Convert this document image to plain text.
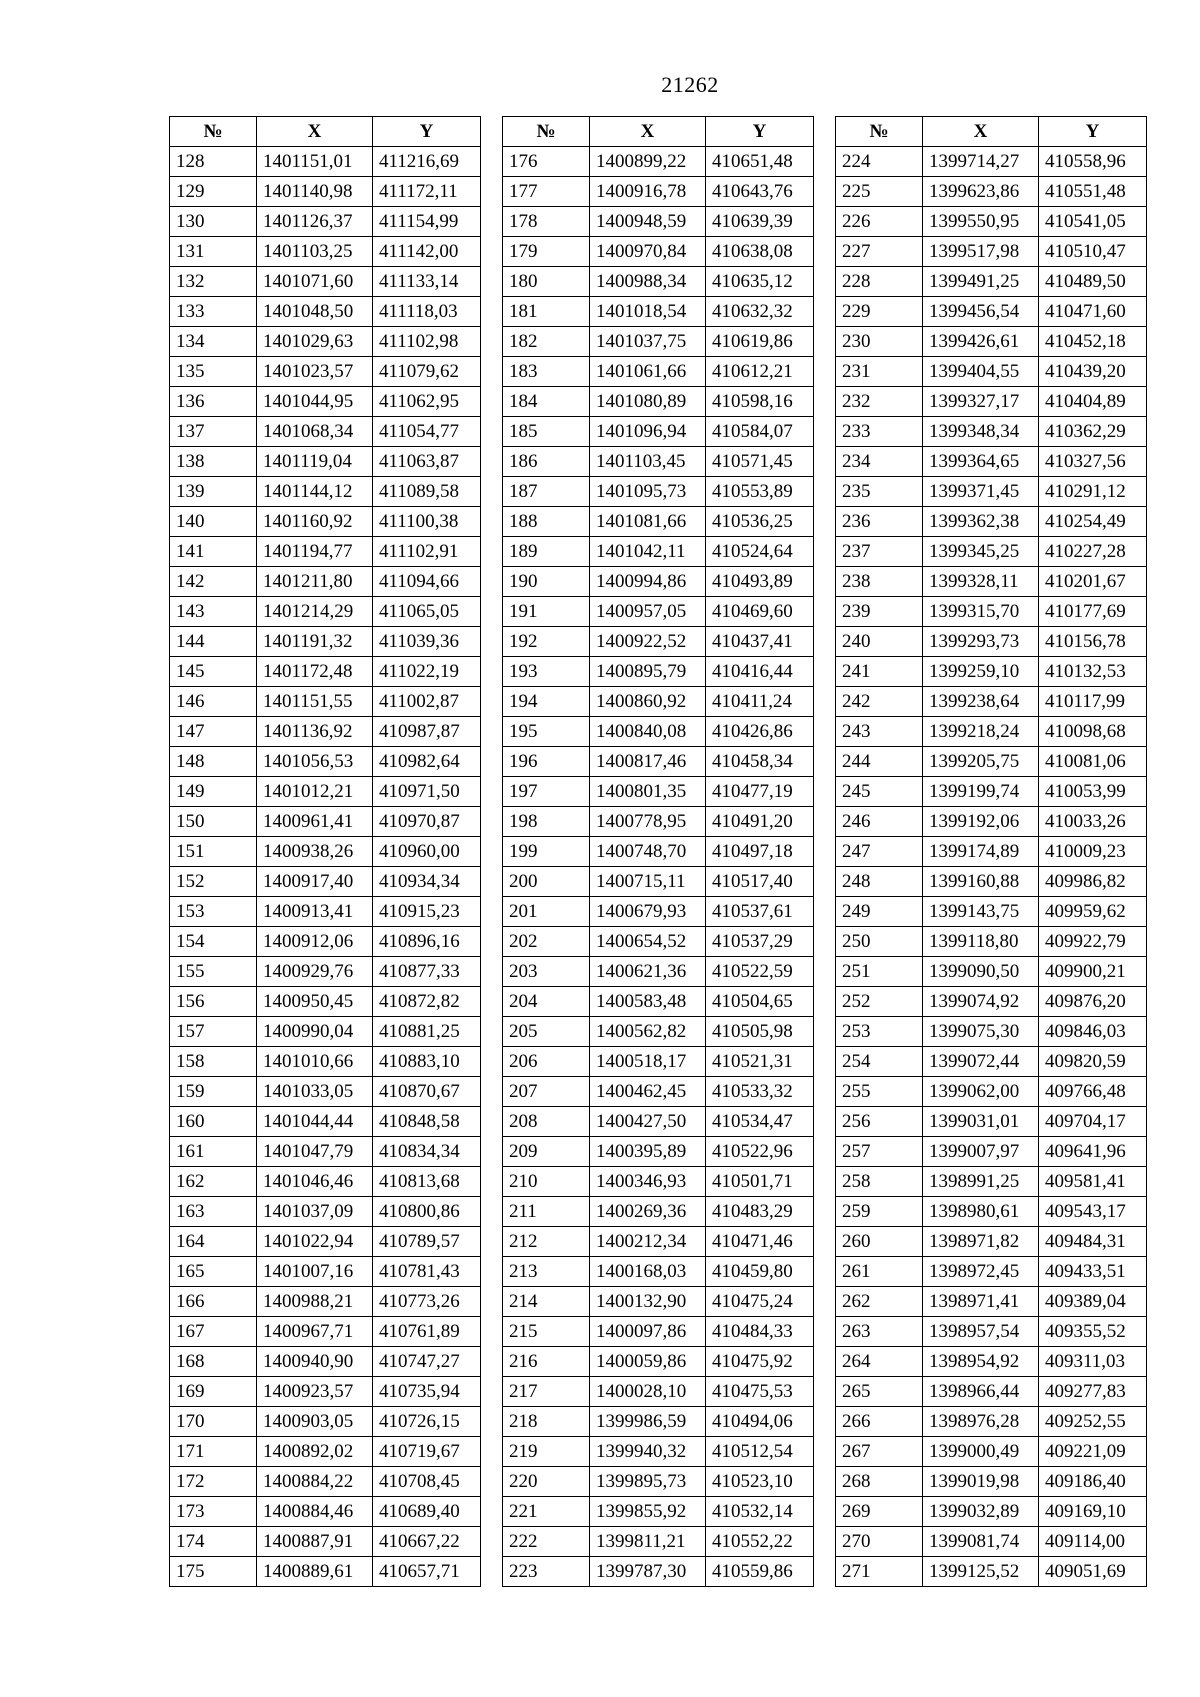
21262
№	X	Y
128	1401151,01	411216,69
129	1401140,98	411172,11
130	1401126,37	411154,99
131	1401103,25	411142,00
132	1401071,60	411133,14
133	1401048,50	411118,03
134	1401029,63	411102,98
135	1401023,57	411079,62
136	1401044,95	411062,95
137	1401068,34	411054,77
138	1401119,04	411063,87
139	1401144,12	411089,58
140	1401160,92	411100,38
141	1401194,77	411102,91
142	1401211,80	411094,66
143	1401214,29	411065,05
144	1401191,32	411039,36
145	1401172,48	411022,19
146	1401151,55	411002,87
147	1401136,92	410987,87
148	1401056,53	410982,64
149	1401012,21	410971,50
150	1400961,41	410970,87
151	1400938,26	410960,00
152	1400917,40	410934,34
153	1400913,41	410915,23
154	1400912,06	410896,16
155	1400929,76	410877,33
156	1400950,45	410872,82
157	1400990,04	410881,25
158	1401010,66	410883,10
159	1401033,05	410870,67
160	1401044,44	410848,58
161	1401047,79	410834,34
162	1401046,46	410813,68
163	1401037,09	410800,86
164	1401022,94	410789,57
165	1401007,16	410781,43
166	1400988,21	410773,26
167	1400967,71	410761,89
168	1400940,90	410747,27
169	1400923,57	410735,94
170	1400903,05	410726,15
171	1400892,02	410719,67
172	1400884,22	410708,45
173	1400884,46	410689,40
174	1400887,91	410667,22
175	1400889,61	410657,71
№	X	Y
176	1400899,22	410651,48
177	1400916,78	410643,76
178	1400948,59	410639,39
179	1400970,84	410638,08
180	1400988,34	410635,12
181	1401018,54	410632,32
182	1401037,75	410619,86
183	1401061,66	410612,21
184	1401080,89	410598,16
185	1401096,94	410584,07
186	1401103,45	410571,45
187	1401095,73	410553,89
188	1401081,66	410536,25
189	1401042,11	410524,64
190	1400994,86	410493,89
191	1400957,05	410469,60
192	1400922,52	410437,41
193	1400895,79	410416,44
194	1400860,92	410411,24
195	1400840,08	410426,86
196	1400817,46	410458,34
197	1400801,35	410477,19
198	1400778,95	410491,20
199	1400748,70	410497,18
200	1400715,11	410517,40
201	1400679,93	410537,61
202	1400654,52	410537,29
203	1400621,36	410522,59
204	1400583,48	410504,65
205	1400562,82	410505,98
206	1400518,17	410521,31
207	1400462,45	410533,32
208	1400427,50	410534,47
209	1400395,89	410522,96
210	1400346,93	410501,71
211	1400269,36	410483,29
212	1400212,34	410471,46
213	1400168,03	410459,80
214	1400132,90	410475,24
215	1400097,86	410484,33
216	1400059,86	410475,92
217	1400028,10	410475,53
218	1399986,59	410494,06
219	1399940,32	410512,54
220	1399895,73	410523,10
221	1399855,92	410532,14
222	1399811,21	410552,22
223	1399787,30	410559,86
№	X	Y
224	1399714,27	410558,96
225	1399623,86	410551,48
226	1399550,95	410541,05
227	1399517,98	410510,47
228	1399491,25	410489,50
229	1399456,54	410471,60
230	1399426,61	410452,18
231	1399404,55	410439,20
232	1399327,17	410404,89
233	1399348,34	410362,29
234	1399364,65	410327,56
235	1399371,45	410291,12
236	1399362,38	410254,49
237	1399345,25	410227,28
238	1399328,11	410201,67
239	1399315,70	410177,69
240	1399293,73	410156,78
241	1399259,10	410132,53
242	1399238,64	410117,99
243	1399218,24	410098,68
244	1399205,75	410081,06
245	1399199,74	410053,99
246	1399192,06	410033,26
247	1399174,89	410009,23
248	1399160,88	409986,82
249	1399143,75	409959,62
250	1399118,80	409922,79
251	1399090,50	409900,21
252	1399074,92	409876,20
253	1399075,30	409846,03
254	1399072,44	409820,59
255	1399062,00	409766,48
256	1399031,01	409704,17
257	1399007,97	409641,96
258	1398991,25	409581,41
259	1398980,61	409543,17
260	1398971,82	409484,31
261	1398972,45	409433,51
262	1398971,41	409389,04
263	1398957,54	409355,52
264	1398954,92	409311,03
265	1398966,44	409277,83
266	1398976,28	409252,55
267	1399000,49	409221,09
268	1399019,98	409186,40
269	1399032,89	409169,10
270	1399081,74	409114,00
271	1399125,52	409051,69
